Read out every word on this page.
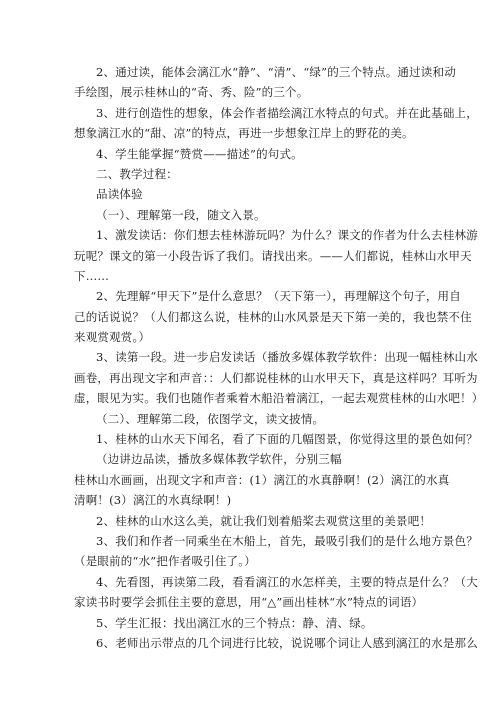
2、通过读，能体会漓江水“静”、“清”、“绿”的三个特点。通过读和动
手绘图，展示桂林山的“奇、秀、险”的三个。
3、进行创造性的想象，体会作者描绘漓江水特点的句式。并在此基础上，
想象漓江水的“甜、凉”的特点，再进一步想象江岸上的野花的美。
4、学生能掌握“赞赏——描述”的句式。
二、教学过程：
品读体验
（一）、理解第一段，随文入景。
1、激发读话：你们想去桂林游玩吗？为什么？课文的作者为什么去桂林游
玩呢？课文的第一小段告诉了我们。请找出来。——人们都说，桂林山水甲天
下……
2、先理解“甲天下”是什么意思？（天下第一），再理解这个句子，用自
己的话说说？（人们都这么说，桂林的山水风景是天下第一美的，我也禁不住
来观赏观赏。）
3、读第一段。进一步启发读话（播放多媒体教学软件：出现一幅桂林山水
画卷，再出现文字和声音：：人们都说桂林的山水甲天下，真是这样吗？耳听为
虚，眼见为实。我们也随作者乘着木船沿着漓江，一起去观赏桂林的山水吧！）
（二）、理解第二段，依图学文，读文披情。
1、桂林的山水天下闻名，看了下面的几幅图景，你觉得这里的景色如何？
（边讲边品读，播放多媒体教学软件，分别三幅
桂林山水画画，出现文字和声音：(1）漓江的水真静啊！(2）漓江的水真
清啊！(3）漓江的水真绿啊！)
2、桂林的山水这么美，就让我们划着船桨去观赏这里的美景吧！
3、我们和作者一同乘坐在木船上，首先，最吸引我们的是什么地方景色？
（是眼前的“水”把作者吸引住了。）
4、先看图，再读第二段，看看漓江的水怎样美，主要的特点是什么？（大
家读书时要学会抓住主要的意思，用“△”画出桂林“水”特点的词语）
5、学生汇报：找出漓江水的三个特点：静、清、绿。
6、老师出示带点的几个词进行比较，说说哪个词让人感到漓江的水是那么
